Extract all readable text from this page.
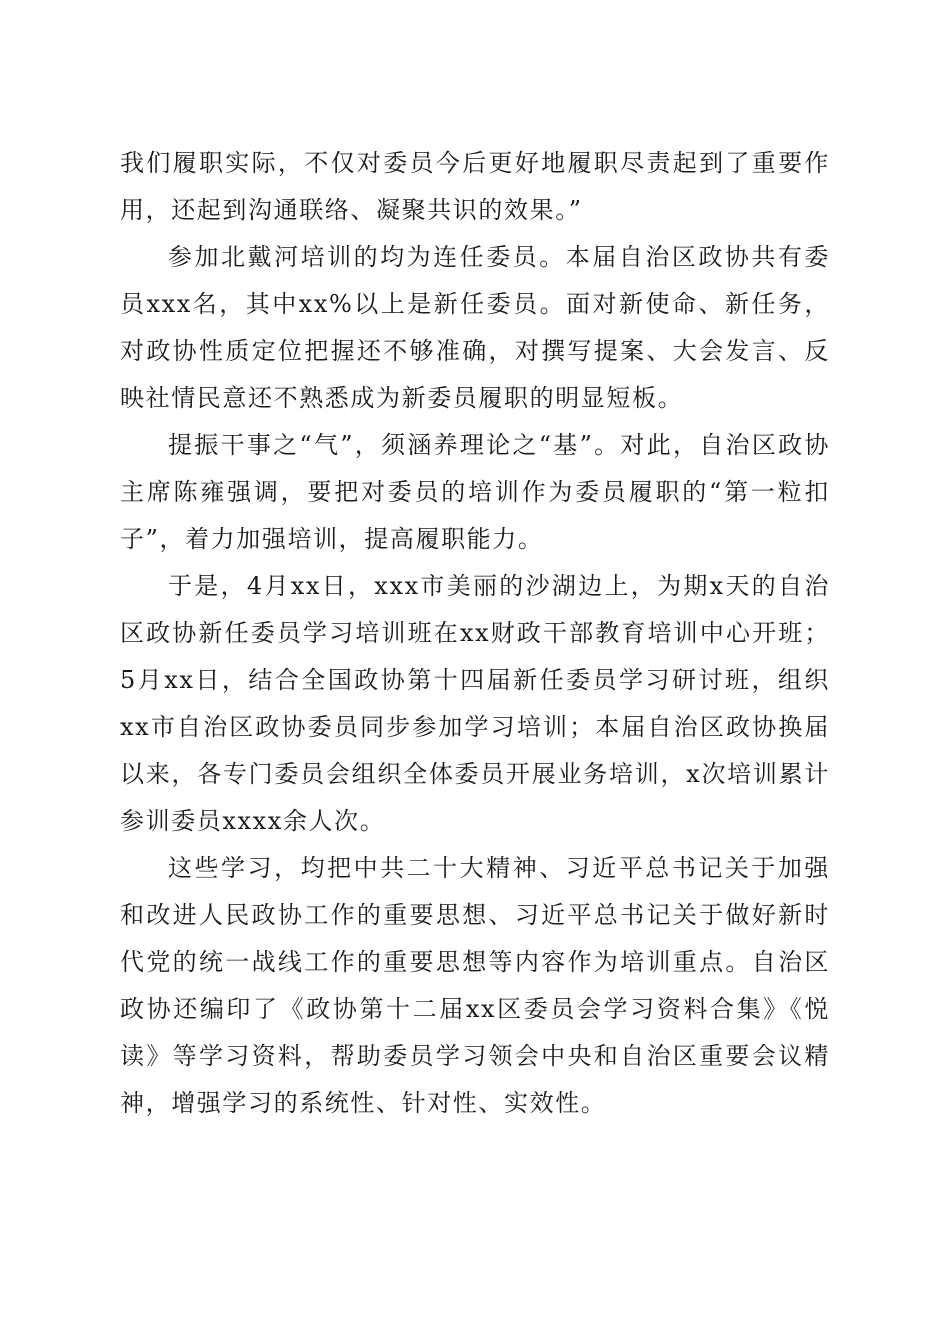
我们履职实际，不仅对委员今后更好地履职尽责起到了重要作用，还起到沟通联络、凝聚共识的效果。”

参加北戴河培训的均为连任委员。本届自治区政协共有委员xxx名，其中xx%以上是新任委员。面对新使命、新任务，对政协性质定位把握还不够准确，对撰写提案、大会发言、反映社情民意还不熟悉成为新委员履职的明显短板。

提振干事之“气”，须涵养理论之“基”。对此，自治区政协主席陈雍强调，要把对委员的培训作为委员履职的“第一粒扣子”，着力加强培训，提高履职能力。

于是，4月xx日，xxx市美丽的沙湖边上，为期x天的自治区政协新任委员学习培训班在xx财政干部教育培训中心开班；5月xx日，结合全国政协第十四届新任委员学习研讨班，组织xx市自治区政协委员同步参加学习培训；本届自治区政协换届以来，各专门委员会组织全体委员开展业务培训，x次培训累计参训委员xxxx余人次。

这些学习，均把中共二十大精神、习近平总书记关于加强和改进人民政协工作的重要思想、习近平总书记关于做好新时代党的统一战线工作的重要思想等内容作为培训重点。自治区政协还编印了《政协第十二届xx区委员会学习资料合集》《悦读》等学习资料，帮助委员学习领会中央和自治区重要会议精神，增强学习的系统性、针对性、实效性。
